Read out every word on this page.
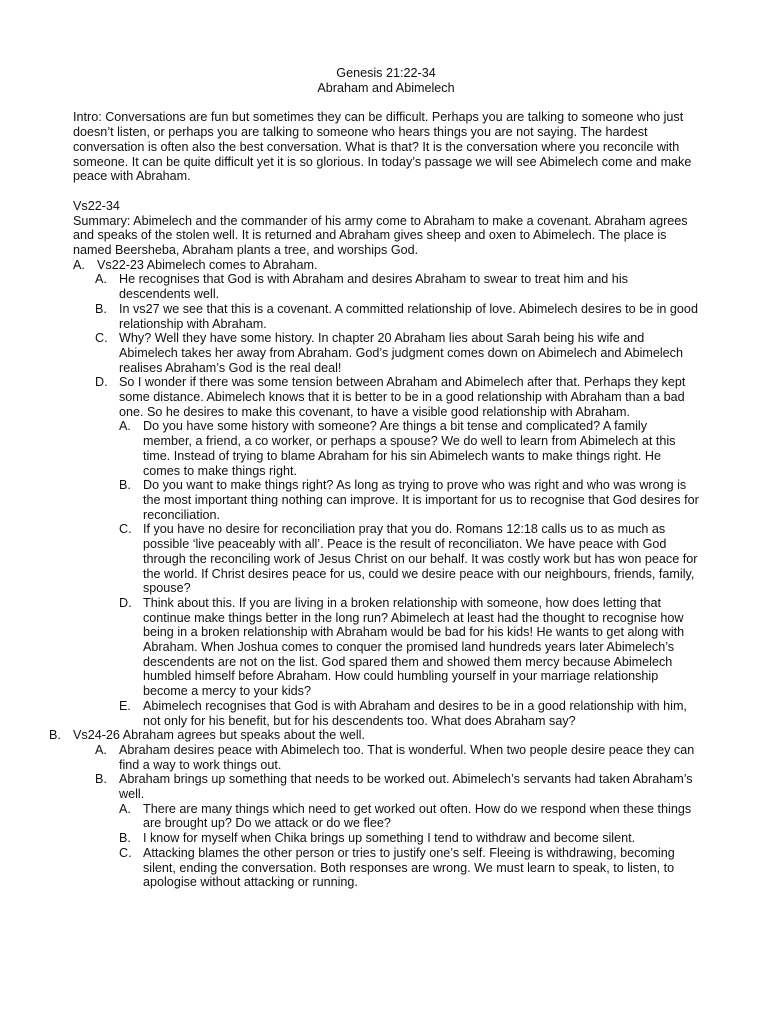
Genesis 21:22-34
Abraham and Abimelech

Intro: Conversations are fun but sometimes they can be difficult. Perhaps you are talking to someone who just doesn’t listen, or perhaps you are talking to someone who hears things you are not saying. The hardest conversation is often also the best conversation. What is that? It is the conversation where you reconcile with someone. It can be quite difficult yet it is so glorious. In today’s passage we will see Abimelech come and make peace with Abraham.

Vs22-34

Summary: Abimelech and the commander of his army come to Abraham to make a covenant. Abraham agrees and speaks of the stolen well. It is returned and Abraham gives sheep and oxen to Abimelech. The place is named Beersheba, Abraham plants a tree, and worships God.

A. Vs22-23 Abimelech comes to Abraham.
A. He recognises that God is with Abraham and desires Abraham to swear to treat him and his descendents well.
B. In vs27 we see that this is a covenant. A committed relationship of love. Abimelech desires to be in good relationship with Abraham.
C. Why? Well they have some history. In chapter 20 Abraham lies about Sarah being his wife and Abimelech takes her away from Abraham. God’s judgment comes down on Abimelech and Abimelech realises Abraham’s God is the real deal!
D. So I wonder if there was some tension between Abraham and Abimelech after that. Perhaps they kept some distance. Abimelech knows that it is better to be in a good relationship with Abraham than a bad one. So he desires to make this covenant, to have a visible good relationship with Abraham.
A. Do you have some history with someone? Are things a bit tense and complicated? A family member, a friend, a co worker, or perhaps a spouse? We do well to learn from Abimelech at this time. Instead of trying to blame Abraham for his sin Abimelech wants to make things right. He comes to make things right.
B. Do you want to make things right? As long as trying to prove who was right and who was wrong is the most important thing nothing can improve. It is important for us to recognise that God desires for reconciliation.
C. If you have no desire for reconciliation pray that you do. Romans 12:18 calls us to as much as possible ‘live peaceably with all’. Peace is the result of reconciliaton. We have peace with God through the reconciling work of Jesus Christ on our behalf. It was costly work but has won peace for the world. If Christ desires peace for us, could we desire peace with our neighbours, friends, family, spouse?
D. Think about this. If you are living in a broken relationship with someone, how does letting that continue make things better in the long run? Abimelech at least had the thought to recognise how being in a broken relationship with Abraham would be bad for his kids! He wants to get along with Abraham. When Joshua comes to conquer the promised land hundreds years later Abimelech’s descendents are not on the list. God spared them and showed them mercy because Abimelech humbled himself before Abraham. How could humbling yourself in your marriage relationship become a mercy to your kids?
E. Abimelech recognises that God is with Abraham and desires to be in a good relationship with him, not only for his benefit, but for his descendents too. What does Abraham say?
B. Vs24-26 Abraham agrees but speaks about the well.
A. Abraham desires peace with Abimelech too. That is wonderful. When two people desire peace they can find a way to work things out.
B. Abraham brings up something that needs to be worked out. Abimelech’s servants had taken Abraham’s well.
A. There are many things which need to get worked out often. How do we respond when these things are brought up? Do we attack or do we flee?
B. I know for myself when Chika brings up something I tend to withdraw and become silent.
C. Attacking blames the other person or tries to justify one’s self. Fleeing is withdrawing, becoming silent, ending the conversation. Both responses are wrong. We must learn to speak, to listen, to apologise without attacking or running.
